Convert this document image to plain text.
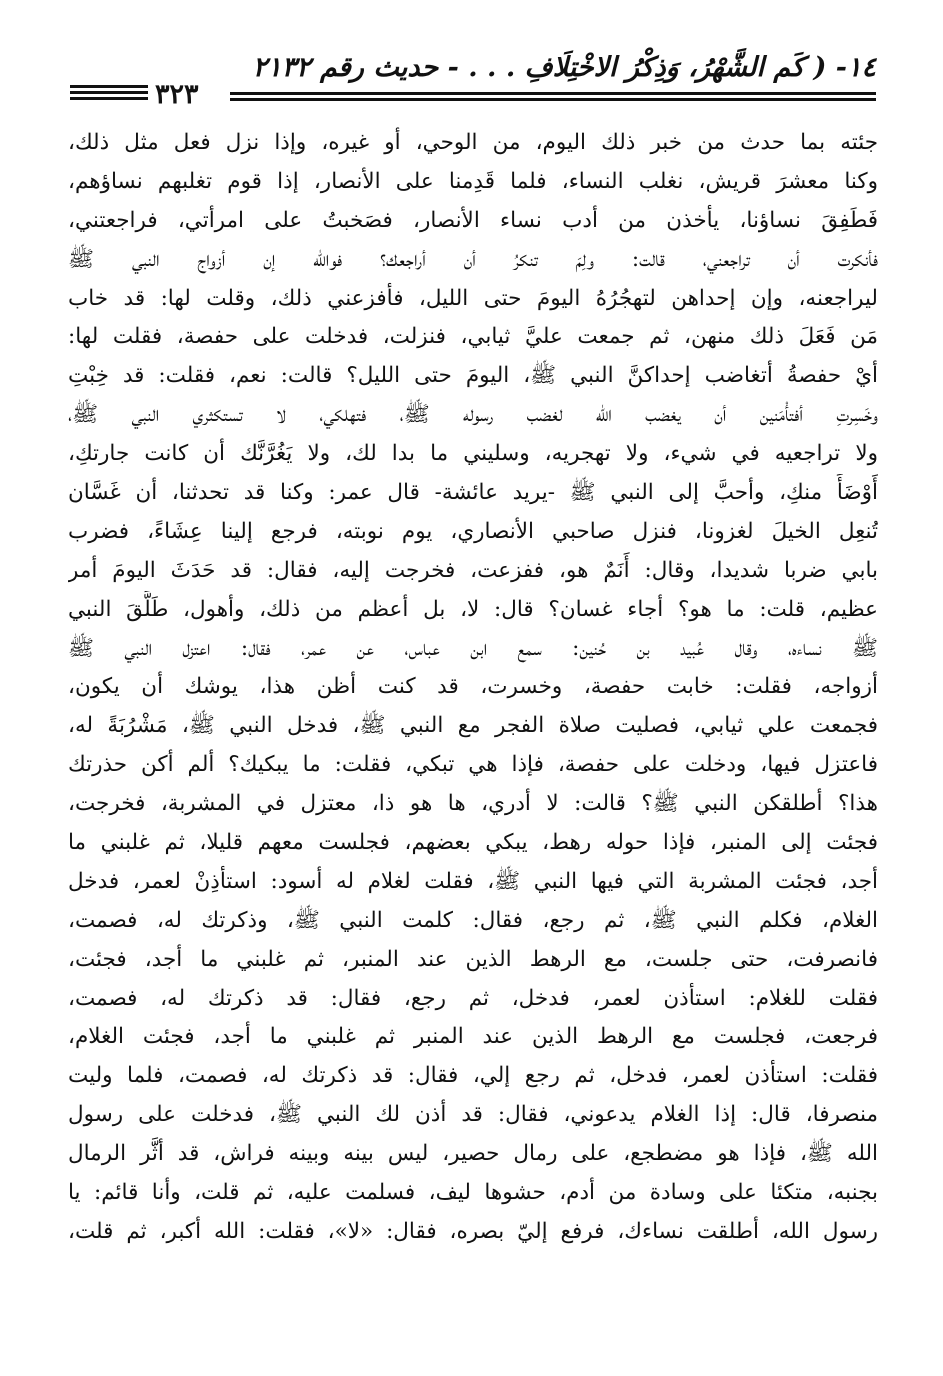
١٤- ( كَم الشَّهْرُ، وَذِكْرُ الاخْتِلَافِ . . . - حديث رقم ٢١٣٢
٣٢٣
جئته بما حدث من خبر ذلك اليوم، من الوحي، أو غيره، وإذا نزل فعل مثل ذلك،
وكنا معشرَ قريش، نغلب النساء، فلما قَدِمنا على الأنصار، إذا قوم تغلبهم نساؤهم،
فَطَفِقَ نساؤنا، يأخذن من أدب نساء الأنصار، فصَخبتُ على امرأتي، فراجعتني،
فأنكرت أن تراجعني، قالت: ولِمَ تنكرُ أن أراجعك؟ فوالله إن أزواج النبي ﷺ
ليراجعنه، وإن إحداهن لتهجُرُهُ اليومَ حتى الليل، فأفزعني ذلك، وقلت لها: قد خاب
مَن فَعَلَ ذلك منهن، ثم جمعت عليَّ ثيابي، فنزلت، فدخلت على حفصة، فقلت لها:
أيْ حفصةُ أتغاضب إحداكنَّ النبي ﷺ، اليومَ حتى الليل؟ قالت: نعم، فقلت: قد خِبْتِ
وخَسِرتِ أفتأْمَنين أن يغضب الله لغضب رسوله ﷺ، فتهلكي، لا تستكثري النبي ﷺ،
ولا تراجعيه في شيء، ولا تهجريه، وسليني ما بدا لك، ولا يَغُرَّنَّك أن كانت جارتكِ،
أَوْضَأَ منكِ، وأحبَّ إلى النبي ﷺ -يريد عائشة- قال عمر: وكنا قد تحدثنا، أن غَسَّان
تُنعِل الخيلَ لغزونا، فنزل صاحبي الأنصاري، يوم نوبته، فرجع إلينا عِشَاءً، فضرب
بابي ضربا شديدا، وقال: أَنَمٌ هو، ففزعت، فخرجت إليه، فقال: قد حَدَثَ اليومَ أمر
عظيم، قلت: ما هو؟ أجاء غسان؟ قال: لا، بل أعظم من ذلك، وأهول، طَلَّقَ النبي
ﷺ نساءه، وقال عُبيد بن حُنين: سمع ابن عباس، عن عمر، فقال: اعتزل النبي ﷺ
أزواجه، فقلت: خابت حفصة، وخسرت، قد كنت أظن هذا، يوشك أن يكون،
فجمعت علي ثيابي، فصليت صلاة الفجر مع النبي ﷺ، فدخل النبي ﷺ، مَشْرُبَةً له،
فاعتزل فيها، ودخلت على حفصة، فإذا هي تبكي، فقلت: ما يبكيك؟ ألم أكن حذرتك
هذا؟ أطلقكن النبي ﷺ؟ قالت: لا أدري، ها هو ذا، معتزل في المشربة، فخرجت،
فجئت إلى المنبر، فإذا حوله رهط، يبكي بعضهم، فجلست معهم قليلا، ثم غلبني ما
أجد، فجئت المشربة التي فيها النبي ﷺ، فقلت لغلام له أسود: استأذِنْ لعمر، فدخل
الغلام، فكلم النبي ﷺ، ثم رجع، فقال: كلمت النبي ﷺ، وذكرتك له، فصمت،
فانصرفت، حتى جلست، مع الرهط الذين عند المنبر، ثم غلبني ما أجد، فجئت،
فقلت للغلام: استأذن لعمر، فدخل، ثم رجع، فقال: قد ذكرتك له، فصمت،
فرجعت، فجلست مع الرهط الذين عند المنبر ثم غلبني ما أجد، فجئت الغلام،
فقلت: استأذن لعمر، فدخل، ثم رجع إلي، فقال: قد ذكرتك له، فصمت، فلما وليت
منصرفا، قال: إذا الغلام يدعوني، فقال: قد أذن لك النبي ﷺ، فدخلت على رسول
الله ﷺ، فإذا هو مضطجع، على رمال حصير، ليس بينه وبينه فراش، قد أثَّر الرمال
بجنبه، متكئا على وسادة من أدم، حشوها ليف، فسلمت عليه، ثم قلت، وأنا قائم: يا
رسول الله، أطلقت نساءك، فرفع إليّ بصره، فقال: «لا»، فقلت: الله أكبر، ثم قلت،
